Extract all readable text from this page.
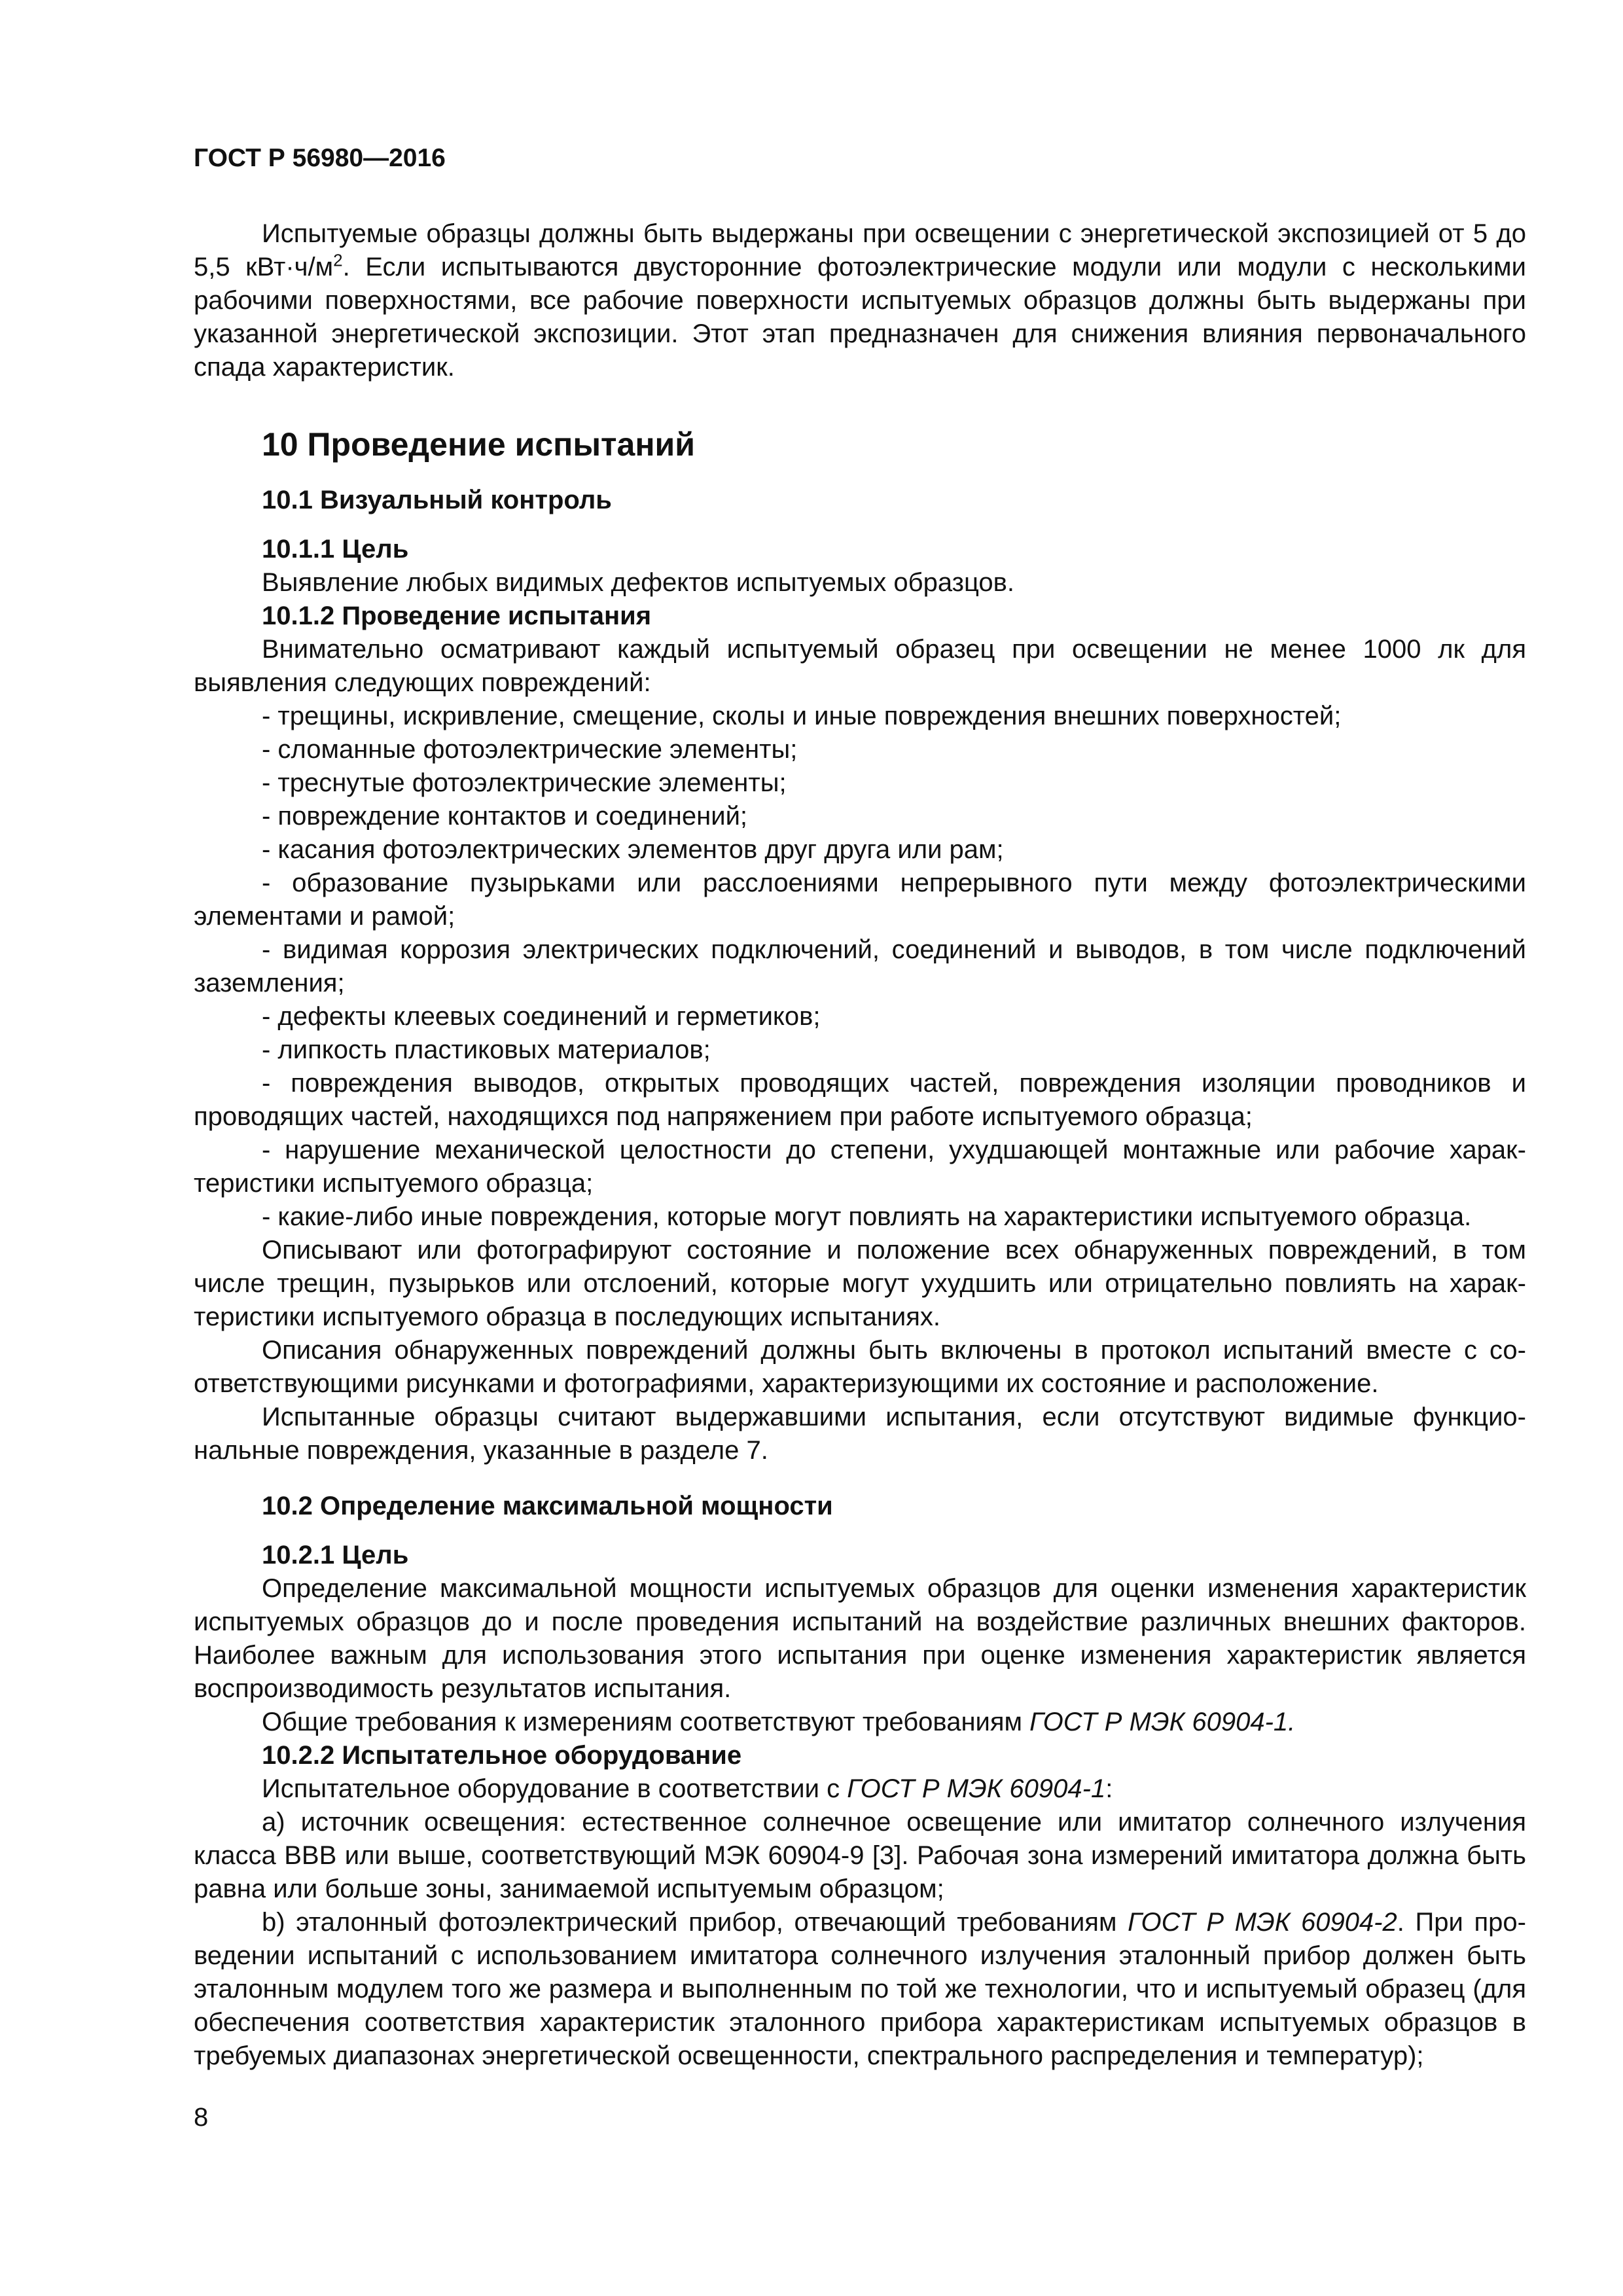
ГОСТ Р 56980—2016

Испытуемые образцы должны быть выдержаны при освещении с энергетической экспозицией от 5 до 5,5 $кВт\cdot ч/м^2$. Если испытываются двусторонние фотоэлектрические модули или модули с несколькими рабочими поверхностями, все рабочие поверхности испытуемых образцов должны быть выдержаны при указанной энергетической экспозиции. Этот этап предназначен для снижения влияния первоначального спада характеристик.

10 Проведение испытаний
10.1 Визуальный контроль
10.1.1 Цель

Выявление любых видимых дефектов испытуемых образцов.

10.1.2 Проведение испытания

Внимательно осматривают каждый испытуемый образец при освещении не менее 1000 лк для выявления следующих повреждений:

- трещины, искривление, смещение, сколы и иные повреждения внешних поверхностей;

- сломанные фотоэлектрические элементы;

- треснутые фотоэлектрические элементы;

- повреждение контактов и соединений;

- касания фотоэлектрических элементов друг друга или рам;

- образование пузырьками или расслоениями непрерывного пути между фотоэлектрическими элементами и рамой;

- видимая коррозия электрических подключений, соединений и выводов, в том числе подключений заземления;

- дефекты клеевых соединений и герметиков;

- липкость пластиковых материалов;

- повреждения выводов, открытых проводящих частей, повреждения изоляции проводников и проводящих частей, находящихся под напряжением при работе испытуемого образца;

- нарушение механической целостности до степени, ухудшающей монтажные или рабочие характеристики испытуемого образца;

- какие-либо иные повреждения, которые могут повлиять на характеристики испытуемого образца.

Описывают или фотографируют состояние и положение всех обнаруженных повреждений, в том числе трещин, пузырьков или отслоений, которые могут ухудшить или отрицательно повлиять на характеристики испытуемого образца в последующих испытаниях.

Описания обнаруженных повреждений должны быть включены в протокол испытаний вместе с соответствующими рисунками и фотографиями, характеризующими их состояние и расположение.

Испытанные образцы считают выдержавшими испытания, если отсутствуют видимые функциональные повреждения, указанные в разделе 7.

10.2 Определение максимальной мощности
10.2.1 Цель

Определение максимальной мощности испытуемых образцов для оценки изменения характеристик испытуемых образцов до и после проведения испытаний на воздействие различных внешних факторов. Наиболее важным для использования этого испытания при оценке изменения характеристик является воспроизводимость результатов испытания.

Общие требования к измерениям соответствуют требованиям ГОСТ Р МЭК 60904-1.

10.2.2 Испытательное оборудование

Испытательное оборудование в соответствии с ГОСТ Р МЭК 60904-1:

а) источник освещения: естественное солнечное освещение или имитатор солнечного излучения класса ВВВ или выше, соответствующий МЭК 60904-9 [3]. Рабочая зона измерений имитатора должна быть равна или больше зоны, занимаемой испытуемым образцом;

b) эталонный фотоэлектрический прибор, отвечающий требованиям ГОСТ Р МЭК 60904-2. При проведении испытаний с использованием имитатора солнечного излучения эталонный прибор должен быть эталонным модулем того же размера и выполненным по той же технологии, что и испытуемый образец (для обеспечения соответствия характеристик эталонного прибора характеристикам испытуемых образцов в требуемых диапазонах энергетической освещенности, спектрального распределения и температур);

8
